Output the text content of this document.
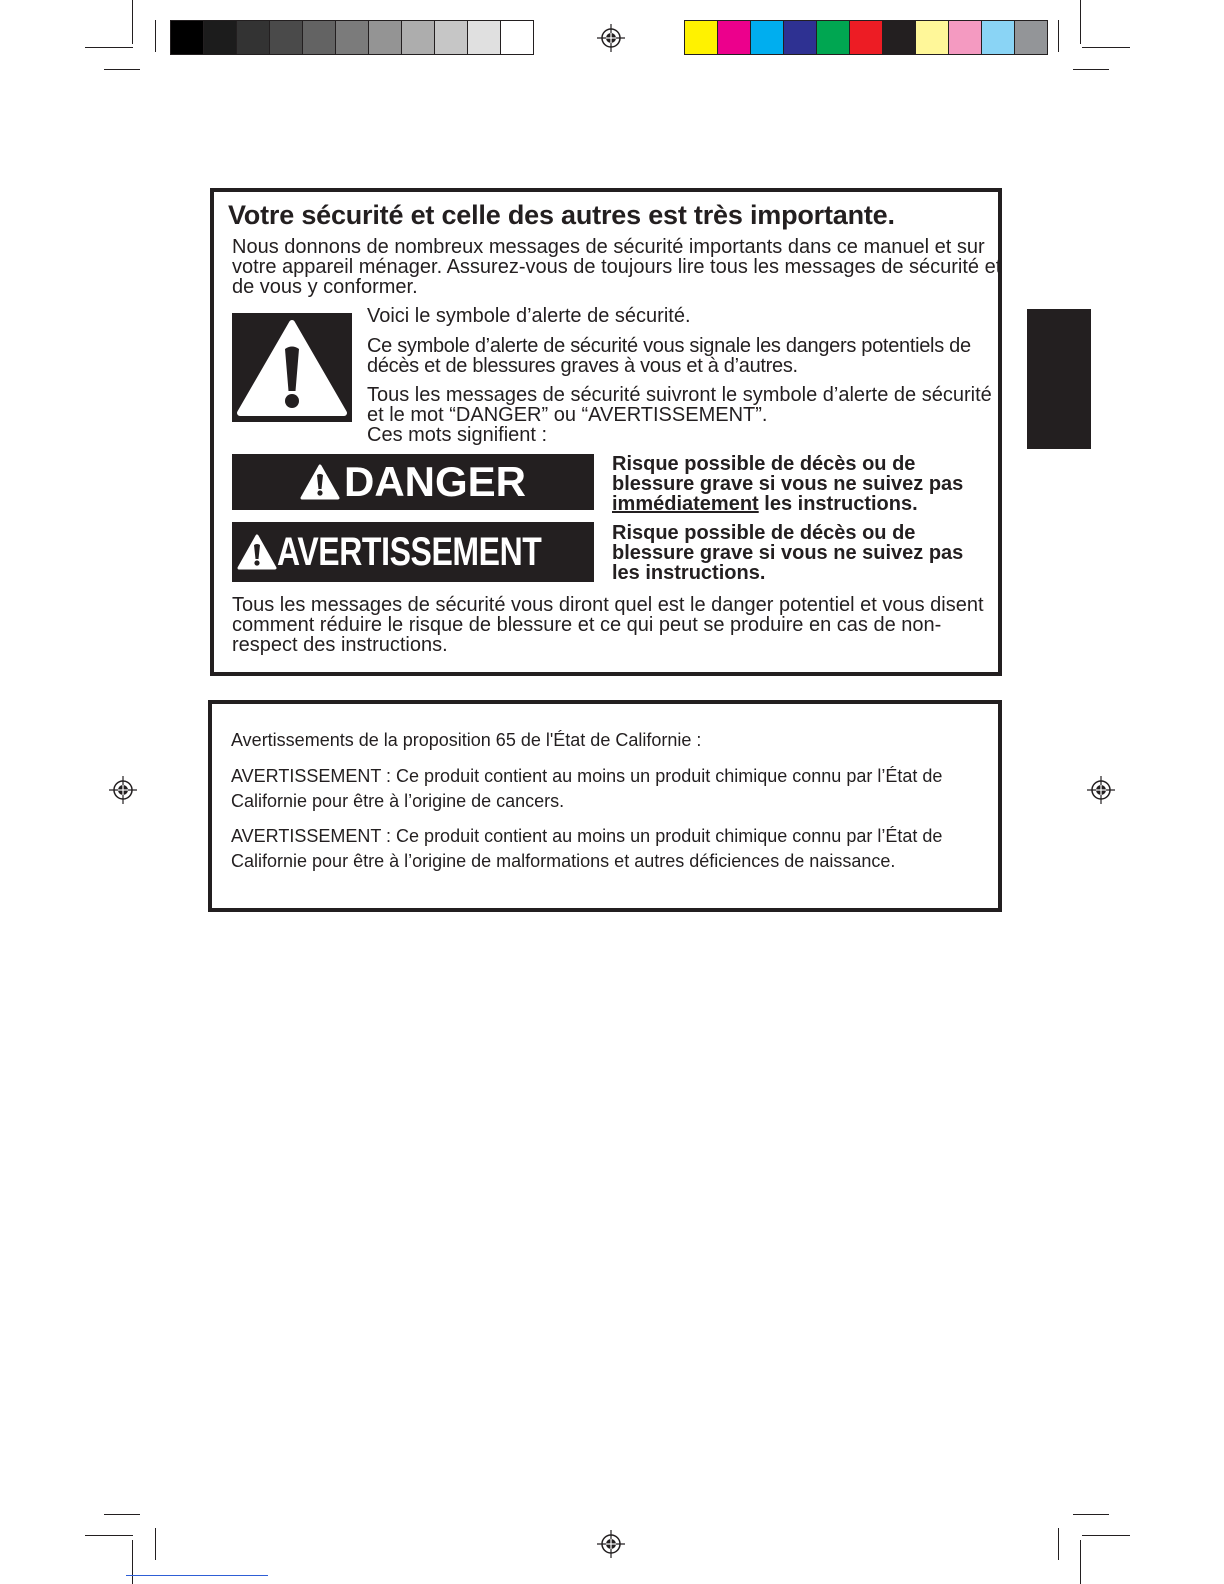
Votre sécurité et celle des autres est très importante.

Nous donnons de nombreux messages de sécurité importants dans ce manuel et sur votre appareil ménager. Assurez-vous de toujours lire tous les messages de sécurité et de vous y conformer.

Voici le symbole d’alerte de sécurité.

Ce symbole d’alerte de sécurité vous signale les dangers potentiels de décès et de blessures graves à vous et à d’autres.

Tous les messages de sécurité suivront le symbole d’alerte de sécurité et le mot “DANGER” ou “AVERTISSEMENT”.

Ces mots signifient :

DANGER
AVERTISSEMENT

Risque possible de décès ou de blessure grave si vous ne suivez pas immédiatement les instructions.

Risque possible de décès ou de blessure grave si vous ne suivez pas les instructions.

Tous les messages de sécurité vous diront quel est le danger potentiel et vous disent comment réduire le risque de blessure et ce qui peut se produire en cas de non-respect des instructions.

Avertissements de la proposition 65 de l'État de Californie :

AVERTISSEMENT : Ce produit contient au moins un produit chimique connu par l’État de Californie pour être à l’origine de cancers.

AVERTISSEMENT : Ce produit contient au moins un produit chimique connu par l’État de Californie pour être à l’origine de malformations et autres déficiences de naissance.
